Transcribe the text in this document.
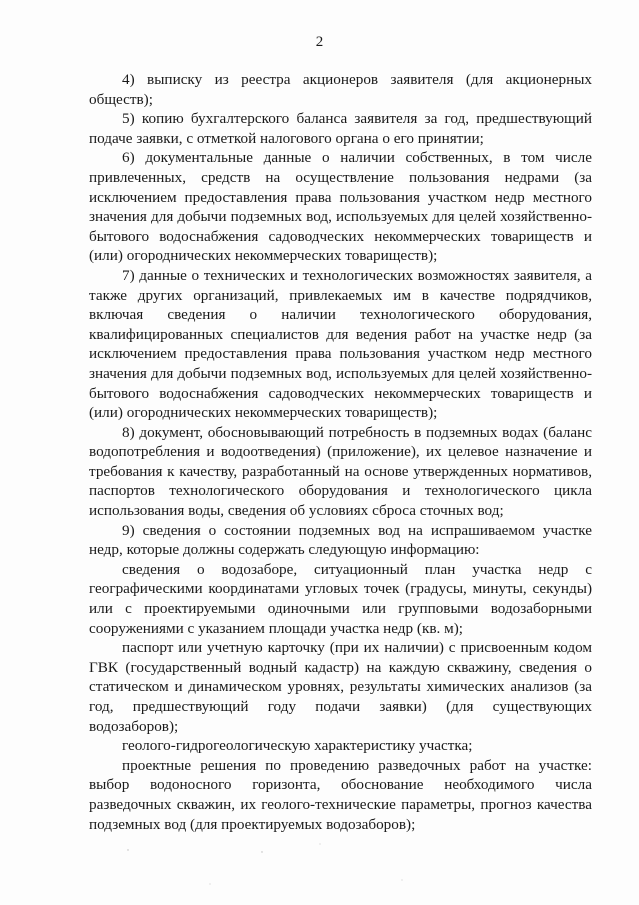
2

4) выписку из реестра акционеров заявителя (для акционерных обществ);

5) копию бухгалтерского баланса заявителя за год, предшествующий подаче заявки, с отметкой налогового органа о его принятии;

6) документальные данные о наличии собственных, в том числе привлеченных, средств на осуществление пользования недрами (за исключением предоставления права пользования участком недр местного значения для добычи подземных вод, используемых для целей хозяйственно-бытового водоснабжения садоводческих некоммерческих товариществ и (или) огороднических некоммерческих товариществ);

7) данные о технических и технологических возможностях заявителя, а также других организаций, привлекаемых им в качестве подрядчиков, включая сведения о наличии технологического оборудования, квалифицированных специалистов для ведения работ на участке недр (за исключением предоставления права пользования участком недр местного значения для добычи подземных вод, используемых для целей хозяйственно-бытового водоснабжения садоводческих некоммерческих товариществ и (или) огороднических некоммерческих товариществ);

8) документ, обосновывающий потребность в подземных водах (баланс водопотребления и водоотведения) (приложение), их целевое назначение и требования к качеству, разработанный на основе утвержденных нормативов, паспортов технологического оборудования и технологического цикла использования воды, сведения об условиях сброса сточных вод;

9) сведения о состоянии подземных вод на испрашиваемом участке недр, которые должны содержать следующую информацию:

сведения о водозаборе, ситуационный план участка недр с географическими координатами угловых точек (градусы, минуты, секунды) или с проектируемыми одиночными или групповыми водозаборными сооружениями с указанием площади участка недр (кв. м);

паспорт или учетную карточку (при их наличии) с присвоенным кодом ГВК (государственный водный кадастр) на каждую скважину, сведения о статическом и динамическом уровнях, результаты химических анализов (за год, предшествующий году подачи заявки) (для существующих водозаборов);

геолого-гидрогеологическую характеристику участка;

проектные решения по проведению разведочных работ на участке: выбор водоносного горизонта, обоснование необходимого числа разведочных скважин, их геолого-технические параметры, прогноз качества подземных вод (для проектируемых водозаборов);
